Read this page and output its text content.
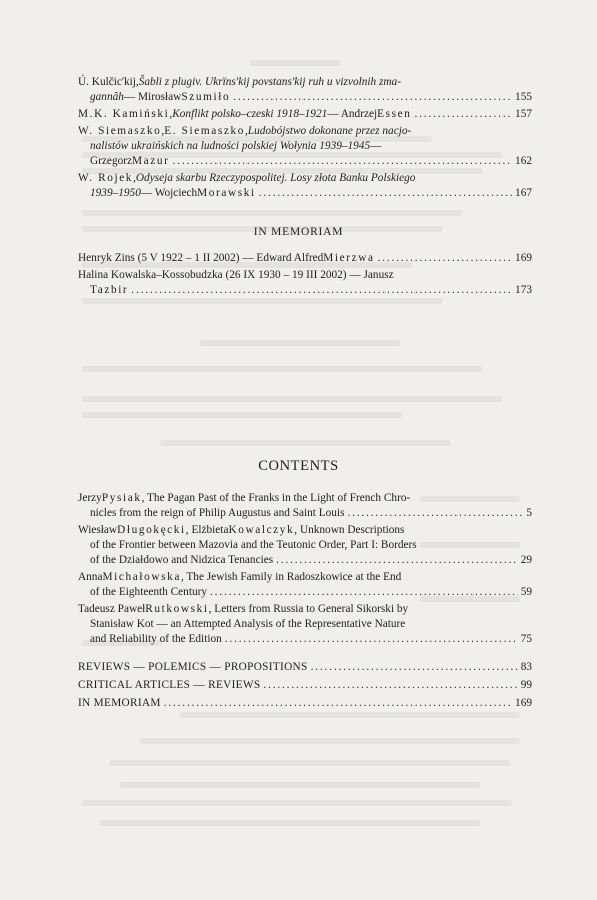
Ú. Kulčic'kij, Šabli z plugiv. Ukrïns'kij povstans'kij ruh u vizvolnih zma-
gannâh — Mirosław Szumiło . . .	155
M.K. Kamiński , Konflikt polsko–czeski 1918–1921 — Andrzej Essen . . .	157
W. Siemaszko , E. Siemaszko , Ludobójstwo dokonane przez nacjo-
nalistów ukraińskich na ludności polskiej Wołynia 1939–1945 —
Grzegorz Mazur . . .	162
W. Rojek , Odyseja skarbu Rzeczypospolitej. Losy złota Banku Polskiego
1939–1950 — Wojciech Morawski . . .	167
IN MEMORIAM
Henryk Zins (5 V 1922 – 1 II 2002) — Edward Alfred Mierzwa . . .	169
Halina Kowalska–Kossobudzka (26 IX 1930 – 19 III 2002) — Janusz
Tazbir . . .	173
CONTENTS
Jerzy Pysiak , The Pagan Past of the Franks in the Light of French Chro-
nicles from the reign of Philip Augustus and Saint Louis . . .	5
Wiesław Długokęcki , Elżbieta Kowalczyk , Unknown Descriptions
of the Frontier between Mazovia and the Teutonic Order, Part I: Borders
of the Działdowo and Nidzica Tenancies . . .	29
Anna Michałowska , The Jewish Family in Radoszkowice at the End
of the Eighteenth Century . . .	59
Tadeusz Paweł Rutkowski , Letters from Russia to General Sikorski by
Stanisław Kot — an Attempted Analysis of the Representative Nature
and Reliability of the Edition . . .	75
REVIEWS — POLEMICS — PROPOSITIONS . . .	83
CRITICAL ARTICLES — REVIEWS . . .	99
IN MEMORIAM . . .	169
